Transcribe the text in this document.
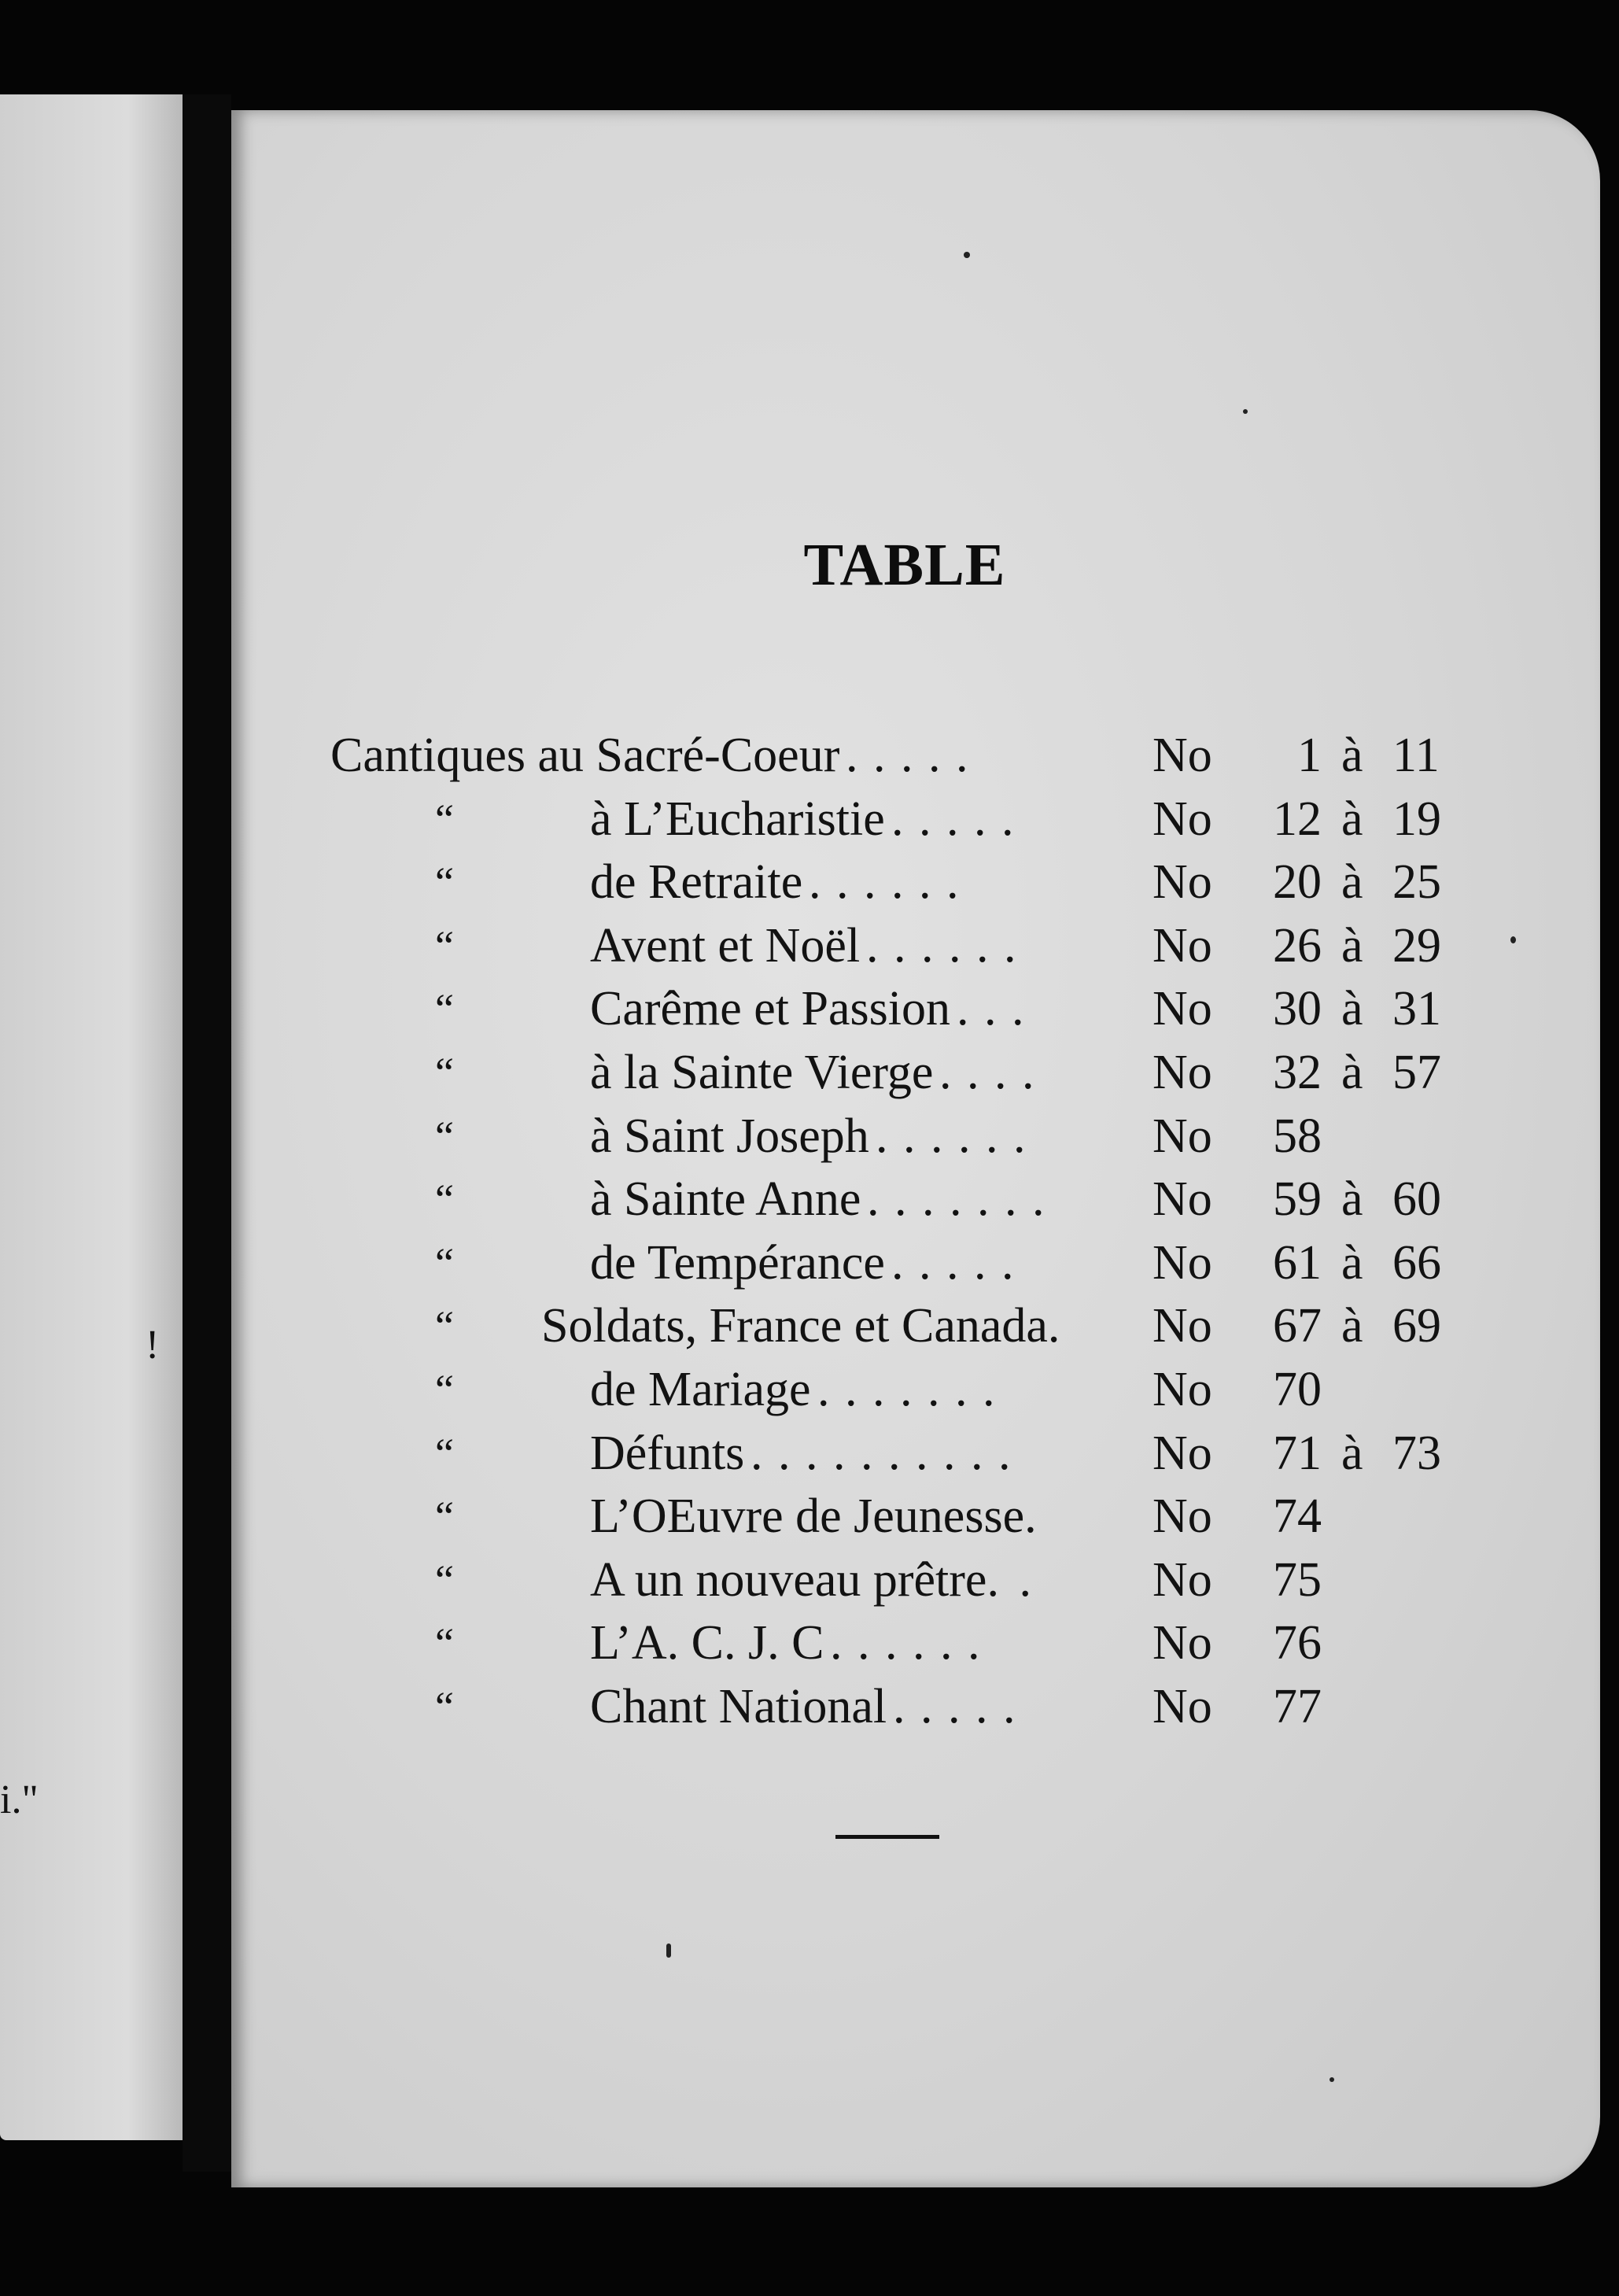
!
i."
TABLE
Cantiques au Sacré-Coeur . . . . .	No	1 à 11
“	à L’Eucharistie . . . . .	No 12 à 19
“	de Retraite . . . . . .	No 20 à 25
“	Avent et Noël . . . . . .	No 26 à 29
“	Carême et Passion . . .	No 30 à 31
“	à la Sainte Vierge . . . . No 32 à 57
“	à Saint Joseph . . . . . .	No 58
“	à Sainte Anne . . . . . . . No 59 à 60
“	de Tempérance . . . . .	No 61 à 66
“ Soldats, France et Canada. No 67 à 69
“	de Mariage . . . . . . .	No 70
“	Défunts . . . . . . . . . .	No 71 à 73
“	L’OEuvre de Jeunesse. No 74
“	A un nouveau prêtre. . No 75
“	L’A. C. J. C . . . . . .	No 76
“	Chant National . . . . .	No 77
